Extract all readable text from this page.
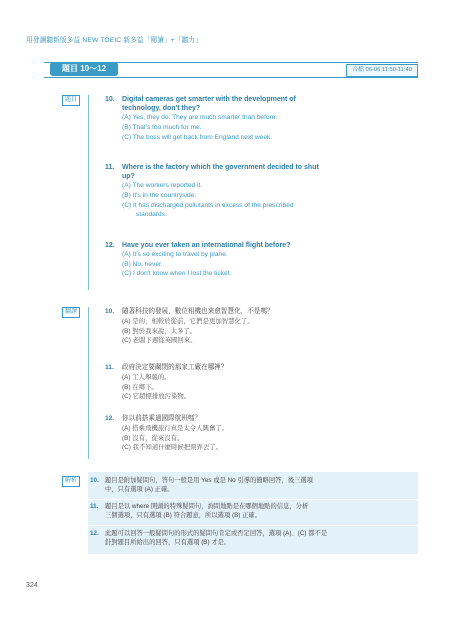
用發讀聽新版多益 NEW TOEIC 新多益「閱讀」+「聽力」
題目 10～12	音檔 06-06 11:50-11:40
題目	10. Digital cameras get smarter with the development of
technology, don't they?
(A) Yes, they do. They are much smarter than before.
(B) That's too much for me.
(C) The boss will get back from England next week.
11. Where is the factory which the government decided to shut
up?
(A) The workers reported it.
(B) It's in the countryside.
(C) It has discharged pollutants in excess of the prescribed
standards.
12. Have you ever taken an international flight before?
(A) It's so exciting to travel by plane.
(B) No, never.
(C) I don't know when I lost the ticket.
翻譯	10. 隨著科技的發展，數位相機也來愈智慧化，不是嗎？
(A) 是的，相較於從前，它們是更加智慧化了。
(B) 對於我來說，太多了。
(C) 老闆下週從英國回來。
11. 政府決定要關閉的那家工廠在哪裡？
(A) 工人舉報的。
(B) 在鄉下。
(C) 它超標排放污染物。
12. 你以前搭乘過國際航班嗎？
(A) 搭乘飛機旅行真是太令人興奮了。
(B) 沒有，從來沒有。
(C) 我不知道什麼時候把票弄丟了。
解析	10. 題目是附加疑問句，答句一般是用 Yes 或是 No 引導的簡略回答，後三選項
中，只有選項 (A) 正確。
11. 題目是以 where 開頭的特殊疑問句，詢問地點是在哪個地點的信息，分析
三個選項，只有選項 (B) 符合題意，所以選項 (B) 正確。
12. 此題可以回答一般疑問句的形式的疑問句肯定或否定回答，選項 (A)、(C) 都不是
針對題目所給出的回答，只有選項 (B) 才是。
324
